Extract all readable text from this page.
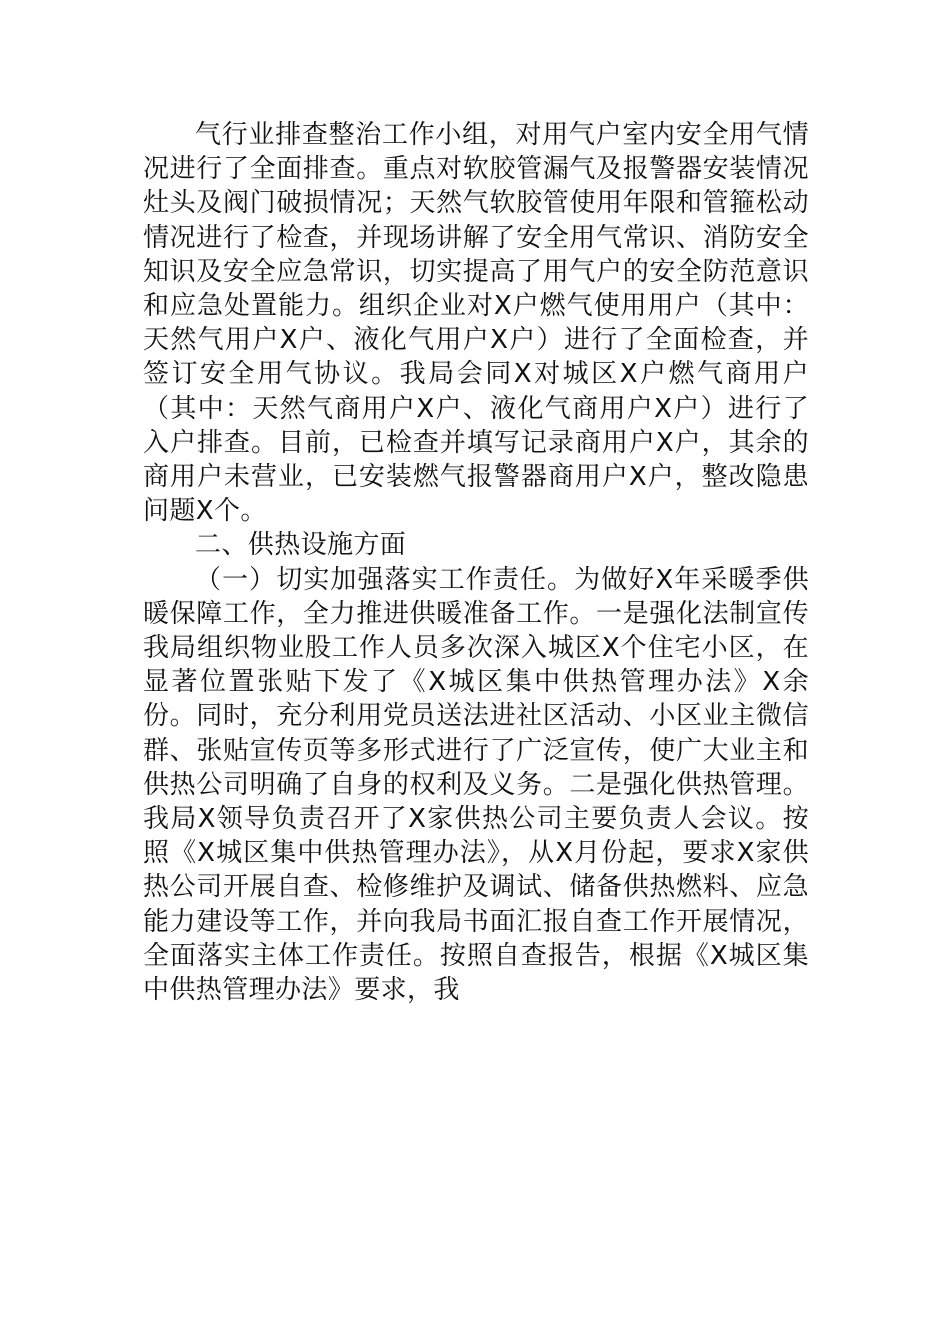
气行业排查整治工作小组，对用气户室内安全用气情况进行了全面排查。重点对软胶管漏气及报警器安装情况灶头及阀门破损情况；天然气软胶管使用年限和管箍松动情况进行了检查，并现场讲解了安全用气常识、消防安全知识及安全应急常识，切实提高了用气户的安全防范意识和应急处置能力。组织企业对X户燃气使用用户（其中：天然气用户X户、液化气用户X户）进行了全面检查，并签订安全用气协议。我局会同X对城区X户燃气商用户（其中：天然气商用户X户、液化气商用户X户）进行了入户排查。目前，已检查并填写记录商用户X户，其余的商用户未营业，已安装燃气报警器商用户X户，整改隐患问题X个。

二、供热设施方面

（一）切实加强落实工作责任。为做好X年采暖季供暖保障工作，全力推进供暖准备工作。一是强化法制宣传我局组织物业股工作人员多次深入城区X个住宅小区，在显著位置张贴下发了《X城区集中供热管理办法》X余份。同时，充分利用党员送法进社区活动、小区业主微信群、张贴宣传页等多形式进行了广泛宣传，使广大业主和供热公司明确了自身的权利及义务。二是强化供热管理。我局X领导负责召开了X家供热公司主要负责人会议。按照《X城区集中供热管理办法》，从X月份起，要求X家供热公司开展自查、检修维护及调试、储备供热燃料、应急能力建设等工作，并向我局书面汇报自查工作开展情况，全面落实主体工作责任。按照自查报告，根据《X城区集中供热管理办法》要求，我
